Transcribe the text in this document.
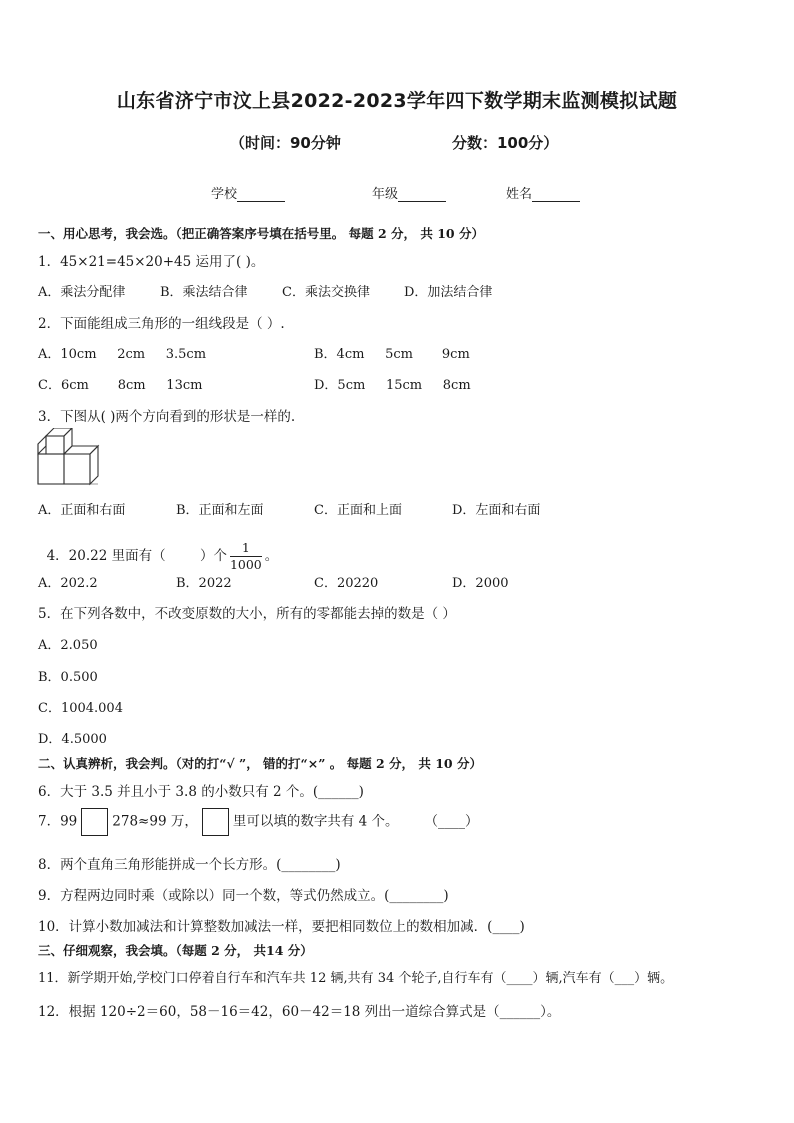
山东省济宁市汶上县2022-2023学年四下数学期末监测模拟试题
（时间：90分钟	分数：100分）
学校	年级	姓名
一、用心思考，我会选。（把正确答案序号填在括号里。 每题 2 分， 共 10 分）
1．45×21=45×20+45 运用了( )。
A．乘法分配律	B．乘法结合律	C．乘法交换律	D．加法结合律
2．下面能组成三角形的一组线段是（ ）.
A．10cm     2cm     3.5cm	B．4cm     5cm       9cm
C．6cm       8cm     13cm	D．5cm     15cm     8cm
3．下图从( )两个方向看到的形状是一样的.
A．正面和右面	B．正面和左面	C．正面和上面	D．左面和右面

4．20.22 里面有（        ）个 $\frac{1}{1000}$ 。

A．202.2	B．2022	C．20220	D．2000
5．在下列各数中，不改变原数的大小，所有的零都能去掉的数是（ ）
A．2.050
B．0.500
C．1004.004
D．4.5000
二、认真辨析，我会判。（对的打“√ ”， 错的打“×” 。 每题 2 分， 共 10 分）
6．大于 3.5 并且小于 3.8 的小数只有 2 个。(______)
7．99	278≈99 万，	里可以填的数字共有 4 个。 （____）
8．两个直角三角形能拼成一个长方形。(________)
9．方程两边同时乘（或除以）同一个数，等式仍然成立。(________)
10．计算小数加减法和计算整数加减法一样，要把相同数位上的数相加减．(____)
三、仔细观察，我会填。（每题 2 分， 共14 分）
11．新学期开始,学校门口停着自行车和汽车共 12 辆,共有 34 个轮子,自行车有（____）辆,汽车有（___）辆。
12．根据 120÷2＝60，58－16＝42，60－42＝18 列出一道综合算式是（______）。
